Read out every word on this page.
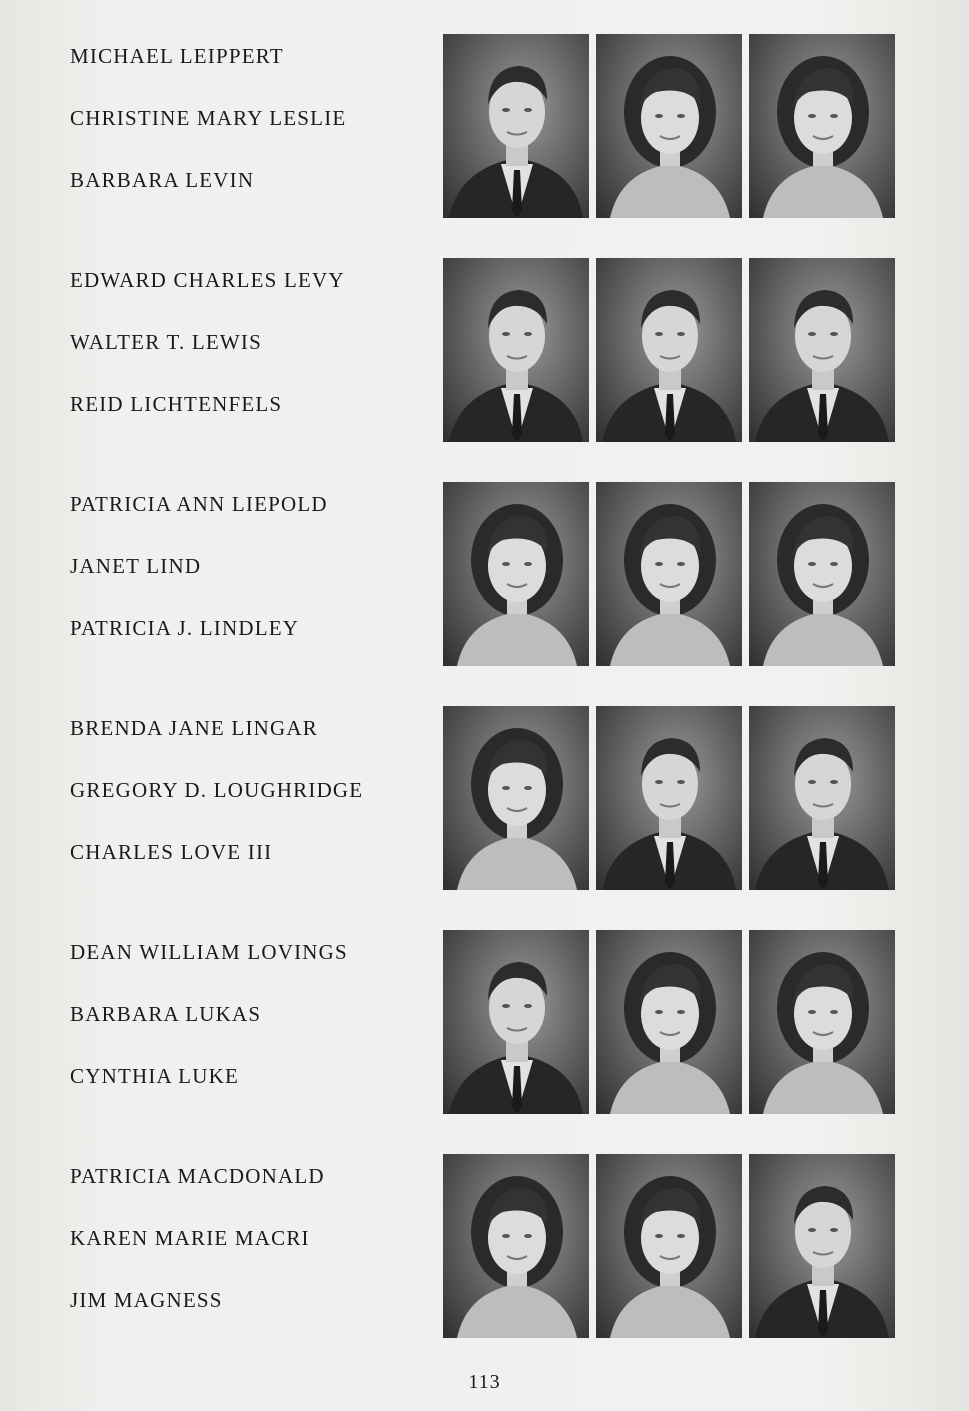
MICHAEL LEIPPERT
CHRISTINE MARY LESLIE
BARBARA LEVIN
EDWARD CHARLES LEVY
WALTER T. LEWIS
REID LICHTENFELS
PATRICIA ANN LIEPOLD
JANET LIND
PATRICIA J. LINDLEY
BRENDA JANE LINGAR
GREGORY D. LOUGHRIDGE
CHARLES LOVE III
DEAN WILLIAM LOVINGS
BARBARA LUKAS
CYNTHIA LUKE
PATRICIA MACDONALD
KAREN MARIE MACRI
JIM MAGNESS
113
